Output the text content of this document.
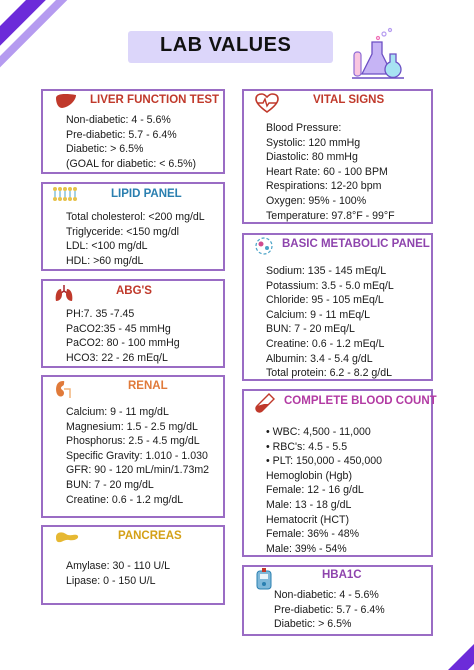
LAB VALUES
LIVER FUNCTION TEST
Non-diabetic: 4 - 5.6%
Pre-diabetic: 5.7 - 6.4%
Diabetic: > 6.5%
(GOAL for diabetic: < 6.5%)
LIPID PANEL
Total cholesterol: <200 mg/dL
Triglyceride: <150 mg/dl
LDL: <100 mg/dL
HDL: >60 mg/dL
ABG'S
PH:7. 35 -7.45
PaCO2:35 - 45 mmHg
PaCO2: 80 - 100 mmHg
HCO3: 22 - 26 mEq/L
RENAL
Calcium: 9 - 11 mg/dL
Magnesium: 1.5 - 2.5 mg/dL
Phosphorus: 2.5 - 4.5 mg/dL
Specific Gravity: 1.010 - 1.030
GFR: 90 - 120 mL/min/1.73m2
BUN: 7 - 20 mg/dL
Creatine: 0.6 - 1.2 mg/dL
PANCREAS
Amylase: 30 - 110 U/L
Lipase: 0 - 150 U/L
VITAL SIGNS
Blood Pressure:
Systolic: 120 mmHg
Diastolic: 80 mmHg
Heart Rate: 60 - 100 BPM
Respirations: 12-20 bpm
Oxygen: 95% - 100%
Temperature: 97.8°F - 99°F
BASIC METABOLIC PANEL
Sodium: 135 - 145 mEq/L
Potassium: 3.5 - 5.0 mEq/L
Chloride: 95 - 105 mEq/L
Calcium: 9 - 11 mEq/L
BUN: 7 - 20 mEq/L
Creatine: 0.6 - 1.2 mEq/L
Albumin: 3.4 - 5.4 g/dL
Total protein: 6.2 - 8.2 g/dL
COMPLETE BLOOD COUNT
• WBC: 4,500 - 11,000
• RBC's: 4.5 - 5.5
• PLT: 150,000 - 450,000
Hemoglobin (Hgb)
Female: 12 - 16 g/dL
Male: 13 - 18 g/dL
Hematocrit (HCT)
Female: 36% - 48%
Male: 39% - 54%
HBA1C
Non-diabetic: 4 - 5.6%
Pre-diabetic: 5.7 - 6.4%
Diabetic: > 6.5%
